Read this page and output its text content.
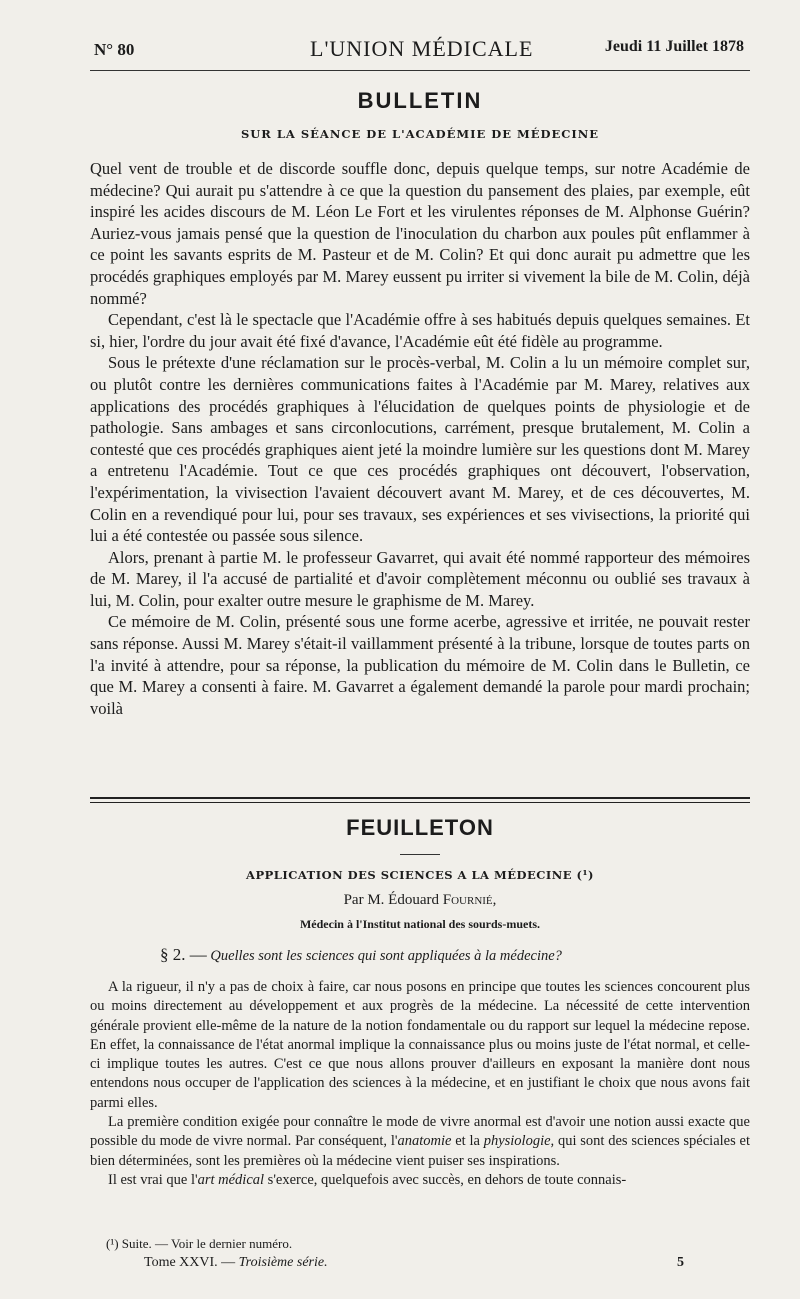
N° 80	L'UNION MÉDICALE	Jeudi 11 Juillet 1878
BULLETIN
SUR LA SÉANCE DE L'ACADÉMIE DE MÉDECINE

Quel vent de trouble et de discorde souffle donc, depuis quelque temps, sur notre Académie de médecine? Qui aurait pu s'attendre à ce que la question du pansement des plaies, par exemple, eût inspiré les acides discours de M. Léon Le Fort et les virulentes réponses de M. Alphonse Guérin? Auriez-vous jamais pensé que la question de l'inoculation du charbon aux poules pût enflammer à ce point les savants esprits de M. Pasteur et de M. Colin? Et qui donc aurait pu admettre que les procédés graphiques employés par M. Marey eussent pu irriter si vivement la bile de M. Colin, déjà nommé?

Cependant, c'est là le spectacle que l'Académie offre à ses habitués depuis quelques semaines. Et si, hier, l'ordre du jour avait été fixé d'avance, l'Académie eût été fidèle au programme.

Sous le prétexte d'une réclamation sur le procès-verbal, M. Colin a lu un mémoire complet sur, ou plutôt contre les dernières communications faites à l'Académie par M. Marey, relatives aux applications des procédés graphiques à l'élucidation de quelques points de physiologie et de pathologie. Sans ambages et sans circonlocutions, carrément, presque brutalement, M. Colin a contesté que ces procédés graphiques aient jeté la moindre lumière sur les questions dont M. Marey a entretenu l'Académie. Tout ce que ces procédés graphiques ont découvert, l'observation, l'expérimentation, la vivisection l'avaient découvert avant M. Marey, et de ces découvertes, M. Colin en a revendiqué pour lui, pour ses travaux, ses expériences et ses vivisections, la priorité qui lui a été contestée ou passée sous silence.

Alors, prenant à partie M. le professeur Gavarret, qui avait été nommé rapporteur des mémoires de M. Marey, il l'a accusé de partialité et d'avoir complètement méconnu ou oublié ses travaux à lui, M. Colin, pour exalter outre mesure le graphisme de M. Marey.

Ce mémoire de M. Colin, présenté sous une forme acerbe, agressive et irritée, ne pouvait rester sans réponse. Aussi M. Marey s'était-il vaillamment présenté à la tribune, lorsque de toutes parts on l'a invité à attendre, pour sa réponse, la publication du mémoire de M. Colin dans le Bulletin, ce que M. Marey a consenti à faire. M. Gavarret a également demandé la parole pour mardi prochain; voilà

FEUILLETON
APPLICATION DES SCIENCES A LA MÉDECINE (¹)
Par M. Édouard Fournié,
Médecin à l'Institut national des sourds-muets.
§ 2. — Quelles sont les sciences qui sont appliquées à la médecine?

A la rigueur, il n'y a pas de choix à faire, car nous posons en principe que toutes les sciences concourent plus ou moins directement au développement et aux progrès de la médecine. La nécessité de cette intervention générale provient elle-même de la nature de la notion fondamentale ou du rapport sur lequel la médecine repose. En effet, la connaissance de l'état anormal implique la connaissance plus ou moins juste de l'état normal, et celle-ci implique toutes les autres. C'est ce que nous allons prouver d'ailleurs en exposant la manière dont nous entendons nous occuper de l'application des sciences à la médecine, et en justifiant le choix que nous avons fait parmi elles.

La première condition exigée pour connaître le mode de vivre anormal est d'avoir une notion aussi exacte que possible du mode de vivre normal. Par conséquent, l'anatomie et la physiologie, qui sont des sciences spéciales et bien déterminées, sont les premières où la médecine vient puiser ses inspirations.

Il est vrai que l'art médical s'exerce, quelquefois avec succès, en dehors de toute connais-

(¹) Suite. — Voir le dernier numéro.
Tome XXVI. — Troisième série.	5
